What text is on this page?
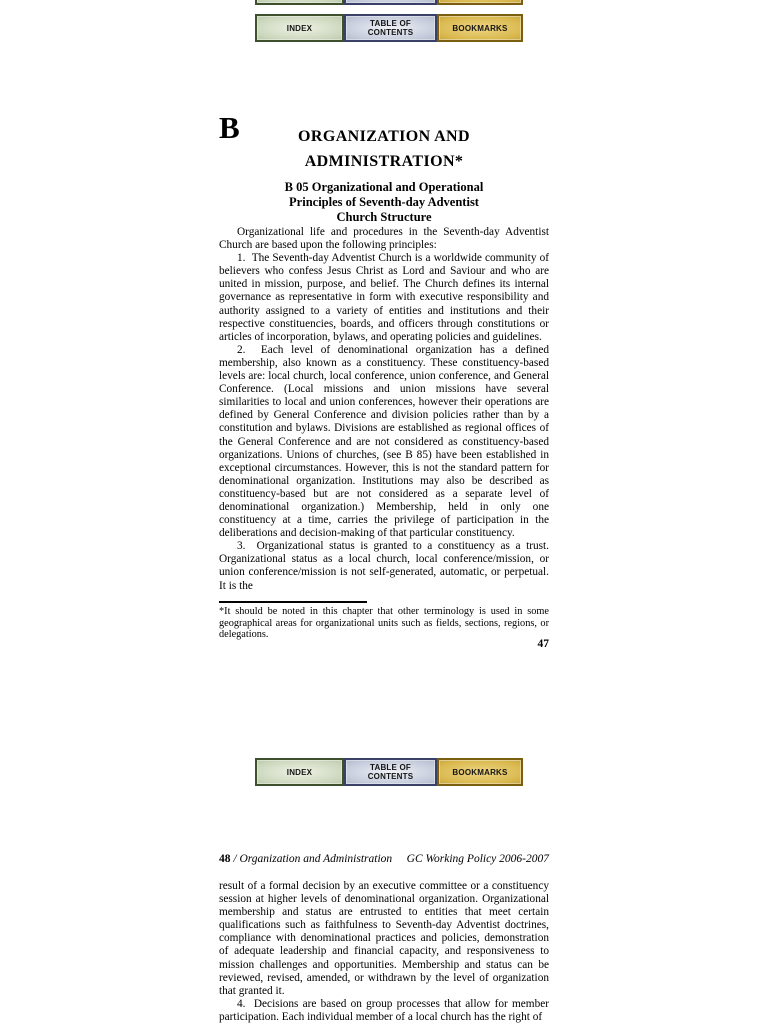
INDEX	TABLE OF CONTENTS	BOOKMARKS
B	ORGANIZATION AND
ADMINISTRATION*
B 05 Organizational and Operational
Principles of Seventh-day Adventist
Church Structure

Organizational life and procedures in the Seventh-day Adventist Church are based upon the following principles:

1.  The Seventh-day Adventist Church is a worldwide community of believers who confess Jesus Christ as Lord and Saviour and who are united in mission, purpose, and belief. The Church defines its internal governance as representative in form with executive responsibility and authority assigned to a variety of entities and institutions and their respective constituencies, boards, and officers through constitutions or articles of incorporation, bylaws, and operating policies and guidelines.

2.  Each level of denominational organization has a defined membership, also known as a constituency. These constituency-based levels are: local church, local conference, union conference, and General Conference. (Local missions and union missions have several similarities to local and union conferences, however their operations are defined by General Conference and division policies rather than by a constitution and bylaws. Divisions are established as regional offices of the General Conference and are not considered as constituency-based organizations. Unions of churches, (see B 85) have been established in exceptional circumstances. However, this is not the standard pattern for denominational organization. Institutions may also be described as constituency-based but are not considered as a separate level of denominational organization.) Membership, held in only one constituency at a time, carries the privilege of participation in the deliberations and decision-making of that particular constituency.

3.  Organizational status is granted to a constituency as a trust. Organizational status as a local church, local conference/mission, or union conference/mission is not self-generated, automatic, or perpetual. It is the

*It should be noted in this chapter that other terminology is used in some geographical areas for organizational units such as fields, sections, regions, or delegations.
47
INDEX	TABLE OF CONTENTS	BOOKMARKS
48 / Organization and Administration GC Working Policy 2006-2007

result of a formal decision by an executive committee or a constituency session at higher levels of denominational organization. Organizational membership and status are entrusted to entities that meet certain qualifications such as faithfulness to Seventh-day Adventist doctrines, compliance with denominational practices and policies, demonstration of adequate leadership and financial capacity, and responsiveness to mission challenges and opportunities. Membership and status can be reviewed, revised, amended, or withdrawn by the level of organization that granted it.

4.  Decisions are based on group processes that allow for member participation. Each individual member of a local church has the right of
